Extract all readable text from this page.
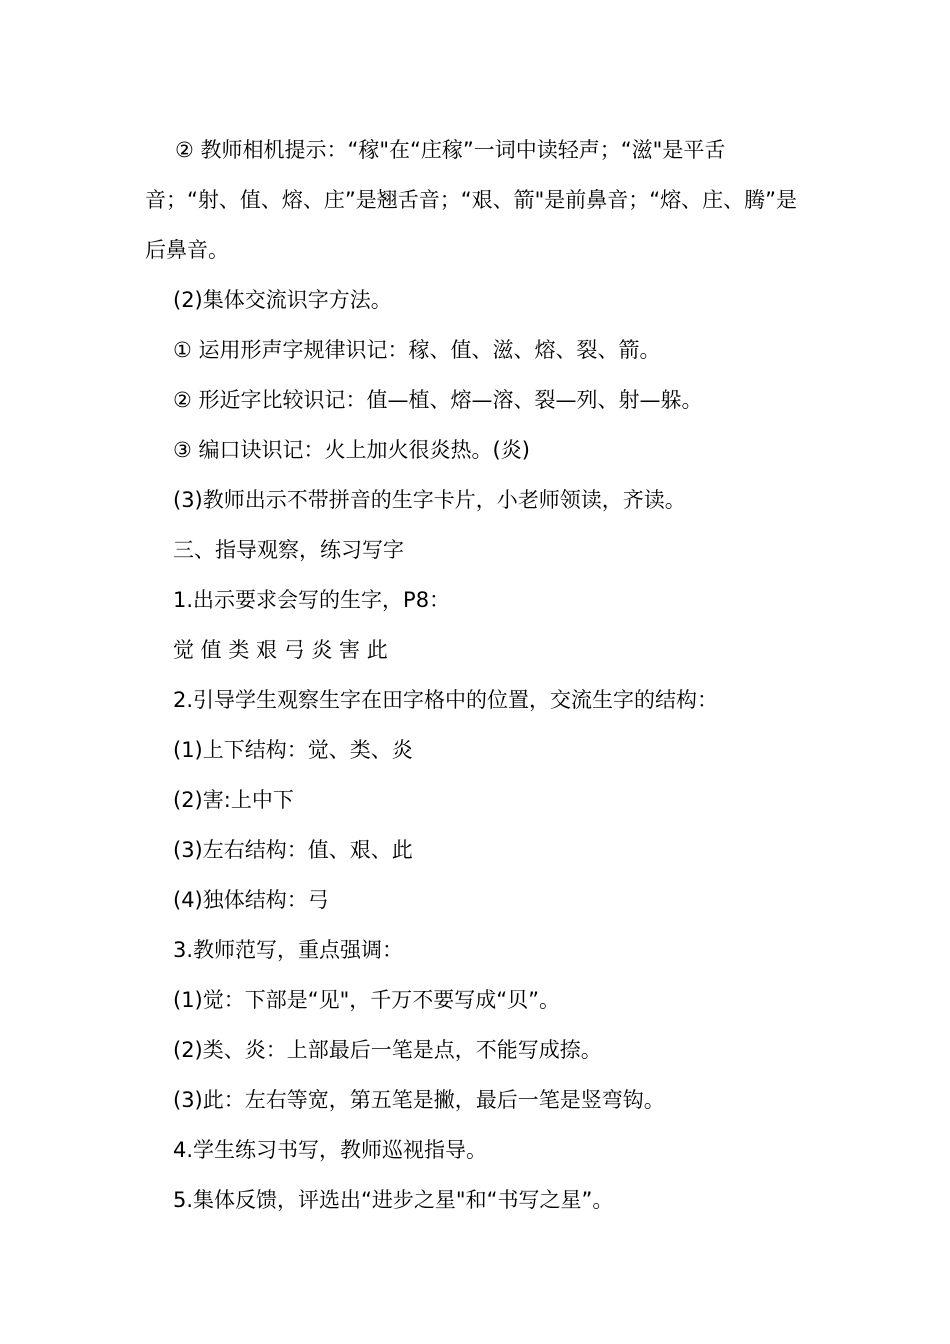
② 教师相机提示：“稼"在“庄稼”一词中读轻声；“滋"是平舌音；“射、值、熔、庄”是翘舌音；“艰、箭"是前鼻音；“熔、庄、腾”是后鼻音。

(2)集体交流识字方法。

① 运用形声字规律识记：稼、值、滋、熔、裂、箭。

② 形近字比较识记：值—植、熔—溶、裂—列、射—躲。

③ 编口诀识记：火上加火很炎热。(炎)

(3)教师出示不带拼音的生字卡片，小老师领读，齐读。

三、指导观察，练习写字

1.出示要求会写的生字，P8：

觉 值 类 艰 弓 炎 害 此

2.引导学生观察生字在田字格中的位置，交流生字的结构：

(1)上下结构：觉、类、炎

(2)害:上中下

(3)左右结构：值、艰、此

(4)独体结构：弓

3.教师范写，重点强调：

(1)觉：下部是“见"，千万不要写成“贝”。

(2)类、炎：上部最后一笔是点，不能写成捺。

(3)此：左右等宽，第五笔是撇，最后一笔是竖弯钩。

4.学生练习书写，教师巡视指导。

5.集体反馈，评选出“进步之星"和“书写之星”。
